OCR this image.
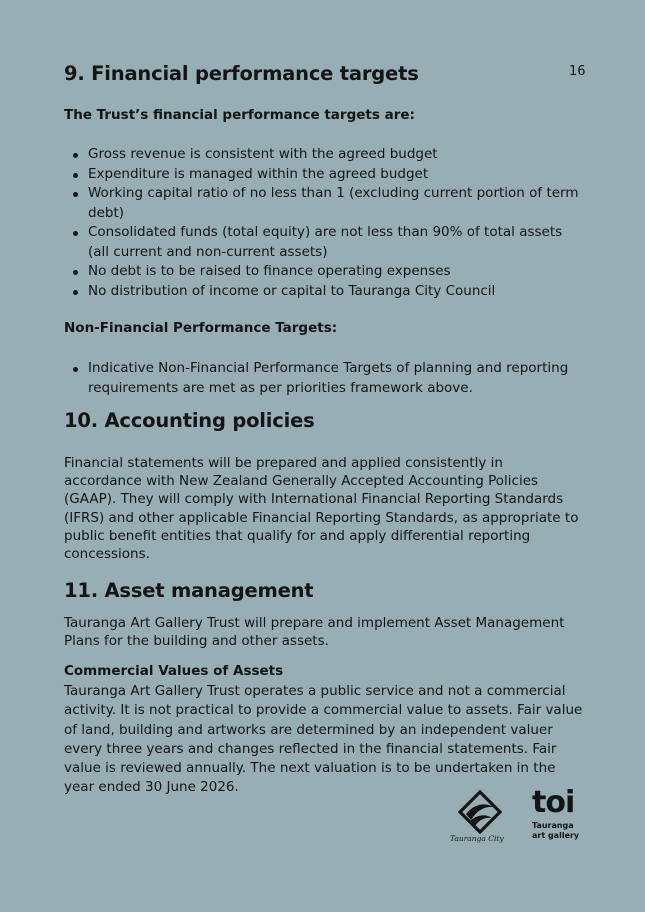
16
9. Financial performance targets

The Trust’s financial performance targets are:

Gross revenue is consistent with the agreed budget
Expenditure is managed within the agreed budget
Working capital ratio of no less than 1 (excluding current portion of term debt)
Consolidated funds (total equity) are not less than 90% of total assets (all current and non-current assets)
No debt is to be raised to finance operating expenses
No distribution of income or capital to Tauranga City Council

Non-Financial Performance Targets:

Indicative Non-Financial Performance Targets of planning and reporting requirements are met as per priorities framework above.
10. Accounting policies

Financial statements will be prepared and applied consistently in accordance with New Zealand Generally Accepted Accounting Policies (GAAP). They will comply with International Financial Reporting Standards (IFRS) and other applicable Financial Reporting Standards, as appropriate to public benefit entities that qualify for and apply differential reporting concessions.

11. Asset management

Tauranga Art Gallery Trust will prepare and implement Asset Management Plans for the building and other assets.

Commercial Values of Assets

Tauranga Art Gallery Trust operates a public service and not a commercial activity. It is not practical to provide a commercial value to assets. Fair value of land, building and artworks are determined by an independent valuer every three years and changes reflected in the financial statements. Fair value is reviewed annually. The next valuation is to be undertaken in the year ended 30 June 2026.

Tauranga City
toi
Tauranga
art gallery
